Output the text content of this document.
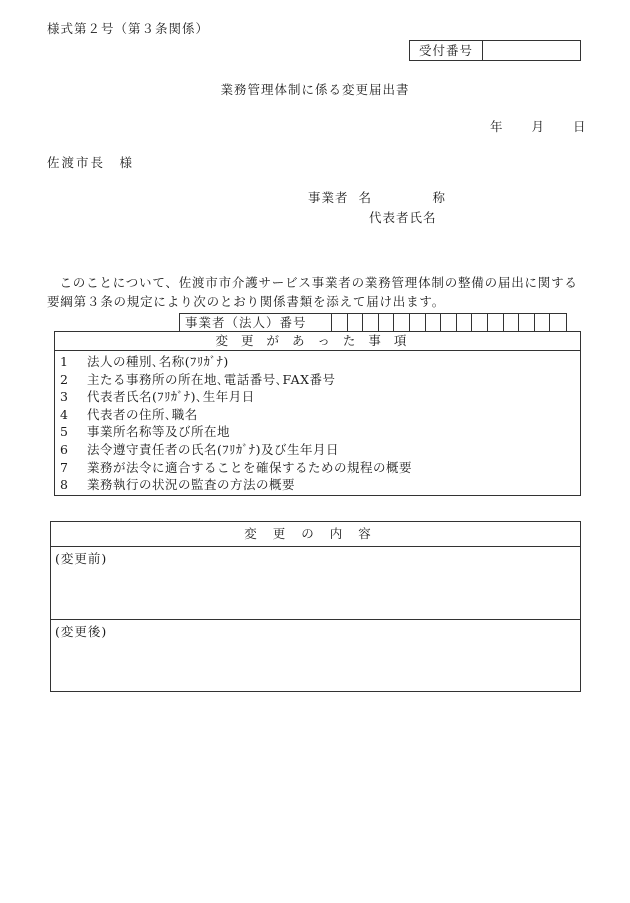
様式第２号（第３条関係）
受付番号
業務管理体制に係る変更届出書
年 月 日
佐渡市長　様
事業者 名	称
代表者氏名

このことについて、佐渡市市介護サービス事業者の業務管理体制の整備の届出に関する要綱第３条の規定により次のとおり関係書類を添えて届け出ます。

事業者（法人）番号
変更があった事項
1	法人の種別､名称(ﾌﾘｶﾞﾅ)
2	主たる事務所の所在地､電話番号､FAX番号
3	代表者氏名(ﾌﾘｶﾞﾅ)､生年月日
4	代表者の住所､職名
5	事業所名称等及び所在地
6	法令遵守責任者の氏名(ﾌﾘｶﾞﾅ)及び生年月日
7	業務が法令に適合することを確保するための規程の概要
8	業務執行の状況の監査の方法の概要
変更の内容
(変更前)
(変更後)
